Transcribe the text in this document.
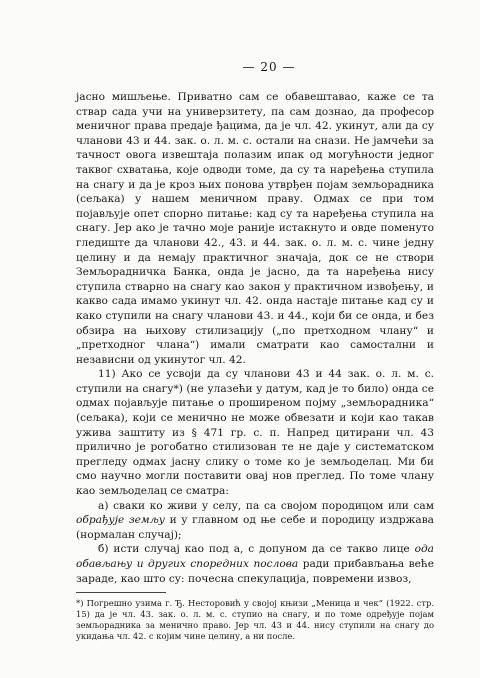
— 20 —

јасно мишљење. Приватно сам се обавештавао, каже се та ствар сада учи на универзитету, па сам дознао, да професор меничног права предаје ђацима, да је чл. 42. укинут, али да су чланови 43 и 44. зак. о. л. м. с. остали на снази. Не јамчећи за тачност овога извештаја полазим ипак од могућности једног таквог схватања, које одводи томе, да су та наређења ступила на снагу и да је кроз њих понова утврђен појам земљорадника (сељака) у нашем меничном праву. Одмах се при том појављује опет спорно питање: кад су та наређења ступила на снагу. Јер ако је тачно моје раније истакнуто и овде поменуто гледиште да чланови 42., 43. и 44. зак. о. л. м. с. чине једну целину и да немају практичног значаја, док се не створи Земљорадничка Банка, онда је јасно, да та наређења нису ступила стварно на снагу као закон у практичном извођењу, и какво сада имамо укинут чл. 42. онда настаје питање кад су и како ступили на снагу чланови 43. и 44., који би се онда, и без обзира на њихову стилизацију („по претходном члану“ и „претходног члана“) имали сматрати као самостални и независни од укинутог чл. 42.

11) Ако се усвоји да су чланови 43 и 44 зак. о. л. м. с. ступили на снагу*) (не улазећи у датум, кад је то било) онда се одмах појављује питање о проширеном појму „земљорадника“ (сељака), који се менично не може обвезати и који као такав ужива заштиту из § 471 гр. с. п. Напред цитирани чл. 43 прилично је рогобатно стилизован те не даје у систематском прегледу одмах јасну слику о томе ко је земљоделац. Ми би смо научно могли поставити овај нов преглед. По томе члану као земљоделац се сматра:

а) сваки ко живи у селу, па са својом породицом или сам обрађује земљу и у главном од ње себе и породицу издржава (нормалан случај);

б) исти случај као под а, с допуном да се такво лице ода обављању и других споредних послова ради прибављања веће зараде, као што су: почесна спекулација, повремени извоз,

*) Погрешно узима г. Ђ. Несторовић у својој књизи „Меница и чек“ (1922. стр. 15) да је чл. 43. зак. о. л. м. с. ступио на снагу, и по томе одређује појам земљорадника за менично право. Јер чл. 43 и 44. нису ступили на снагу до укидања чл. 42. с којим чине целину, а ни после.
